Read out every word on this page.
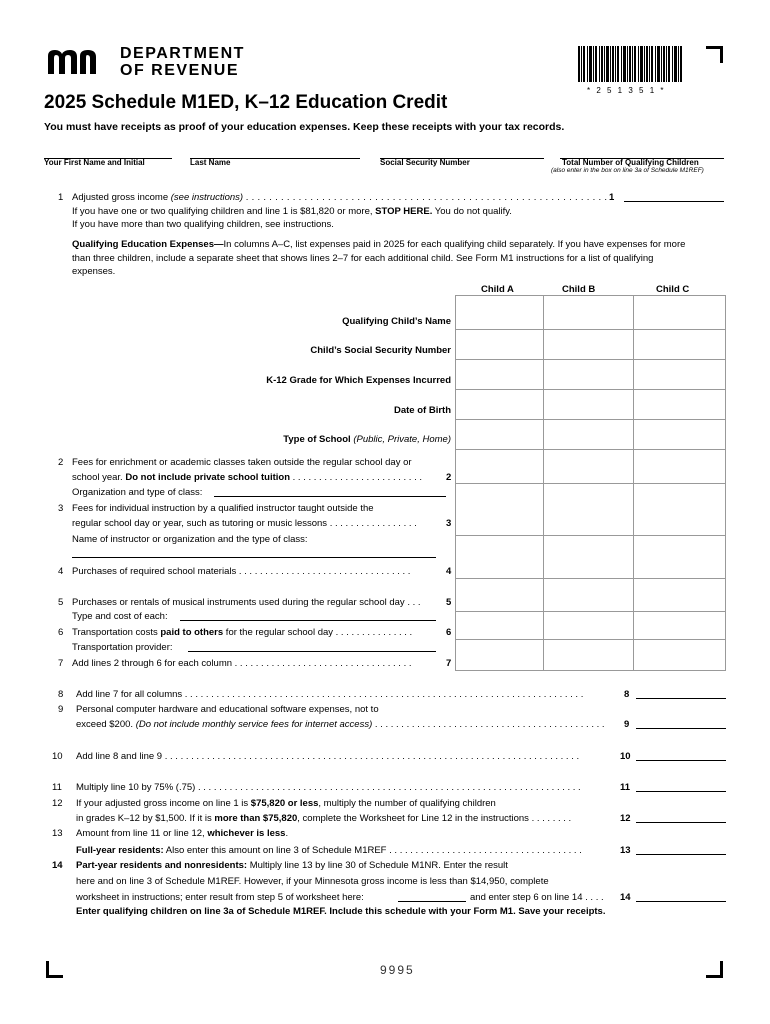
DEPARTMENT
OF REVENUE
* 2 5 1 3 5 1 *
2025 Schedule M1ED, K–12 Education Credit
You must have receipts as proof of your education expenses. Keep these receipts with your tax records.
Your First Name and Initial	Last Name	Social Security Number	Total Number of Qualifying Children
(also enter in the box on line 3a of Schedule M1REF)
1 Adjusted gross income (see instructions) . . . . . . . . . . . . . . . . . . . . . . . . . . . . . . . . . . . . . . . . . . . . . . . . . . . . . . . . . . . . . . 1
If you have one or two qualifying children and line 1 is $81,820 or more, STOP HERE. You do not qualify.
If you have more than two qualifying children, see instructions.
Qualifying Education Expenses—In columns A–C, list expenses paid in 2025 for each qualifying child separately. If you have expenses for more
than three children, include a separate sheet that shows lines 2–7 for each additional child. See Form M1 instructions for a list of qualifying
expenses.
Child A	Child B	Child C
Qualifying Child’s Name
Child’s Social Security Number
K-12 Grade for Which Expenses Incurred
Date of Birth
Type of School (Public, Private, Home)
2 Fees for enrichment or academic classes taken outside the regular school day or
school year. Do not include private school tuition . . . . . . . . . . . . . . . . . . . . . . . . .	2
Organization and type of class:
3 Fees for individual instruction by a qualified instructor taught outside the
regular school day or year, such as tutoring or music lessons . . . . . . . . . . . . . . . . .	3
Name of instructor or organization and the type of class:
4 Purchases of required school materials . . . . . . . . . . . . . . . . . . . . . . . . . . . . . . . . .	4
5 Purchases or rentals of musical instruments used during the regular school day . . .	5
Type and cost of each:
6 Transportation costs paid to others for the regular school day . . . . . . . . . . . . . . .	6
Transportation provider:
7 Add lines 2 through 6 for each column . . . . . . . . . . . . . . . . . . . . . . . . . . . . . . . . . .	7
8 Add line 7 for all columns . . . . . . . . . . . . . . . . . . . . . . . . . . . . . . . . . . . . . . . . . . . . . . . . . . . . . . . . . . . . . . . . . . . . . . . . . . . .	8
9 Personal computer hardware and educational software expenses, not to
exceed $200. (Do not include monthly service fees for internet access) . . . . . . . . . . . . . . . . . . . . . . . . . . . . . . . . . . . . . . . . . . . . 9
10 Add line 8 and line 9 . . . . . . . . . . . . . . . . . . . . . . . . . . . . . . . . . . . . . . . . . . . . . . . . . . . . . . . . . . . . . . . . . . . . . . . . . . . . . . .	10
11 Multiply line 10 by 75% (.75) . . . . . . . . . . . . . . . . . . . . . . . . . . . . . . . . . . . . . . . . . . . . . . . . . . . . . . . . . . . . . . . . . . . . . . . . .	11
12 If your adjusted gross income on line 1 is $75,820 or less, multiply the number of qualifying children
in grades K–12 by $1,500. If it is more than $75,820, complete the Worksheet for Line 12 in the instructions . . . . . . . .	12
13 Amount from line 11 or line 12, whichever is less.
Full-year residents: Also enter this amount on line 3 of Schedule M1REF . . . . . . . . . . . . . . . . . . . . . . . . . . . . . . . . . . . . .	13
14 Part-year residents and nonresidents: Multiply line 13 by line 30 of Schedule M1NR. Enter the result
here and on line 3 of Schedule M1REF. However, if your Minnesota gross income is less than $14,950, complete
worksheet in instructions; enter result from step 5 of worksheet here:	and enter step 6 on line 14 . . . . 14
Enter qualifying children on line 3a of Schedule M1REF. Include this schedule with your Form M1. Save your receipts.
9995
